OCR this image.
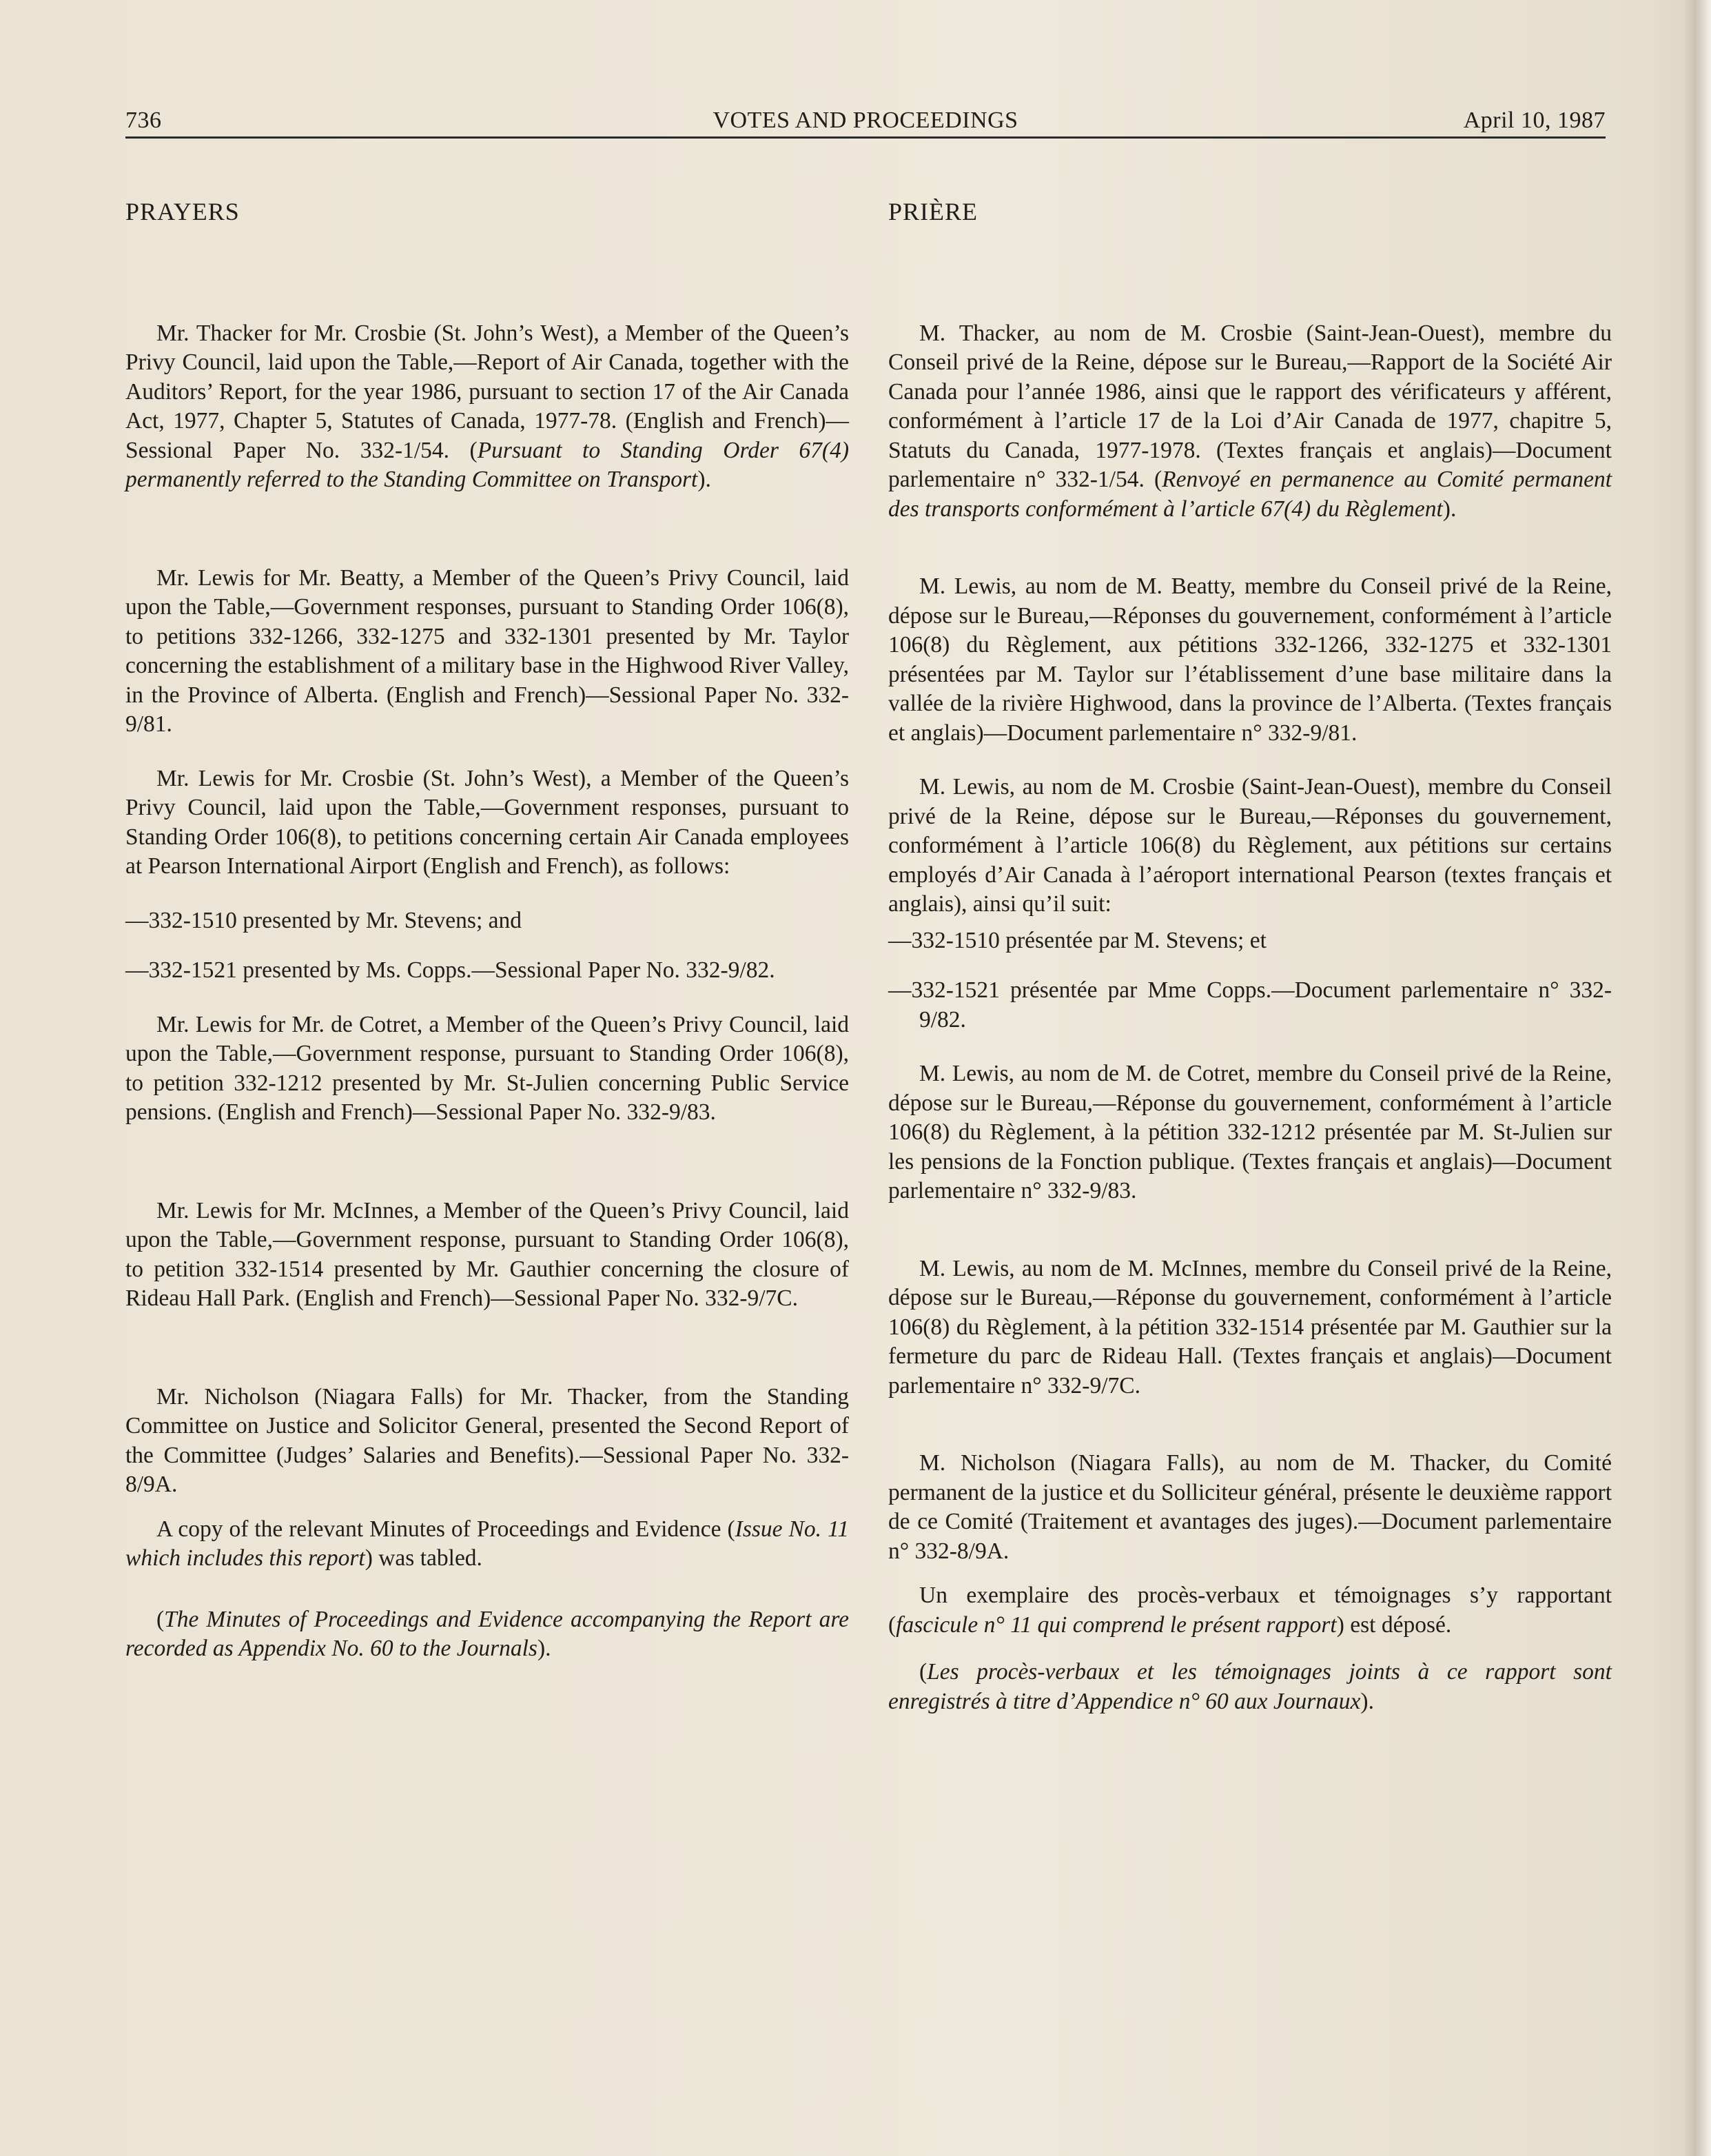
736	VOTES AND PROCEEDINGS	April 10, 1987

PRAYERS

Mr. Thacker for Mr. Crosbie (St. John’s West), a Member of the Queen’s Privy Council, laid upon the Table,—Report of Air Canada, together with the Auditors’ Report, for the year 1986, pursuant to section 17 of the Air Canada Act, 1977, Chapter 5, Statutes of Canada, 1977-78. (English and French)—Sessional Paper No. 332-1/54. (Pursuant to Standing Order 67(4) permanently referred to the Standing Committee on Transport).

Mr. Lewis for Mr. Beatty, a Member of the Queen’s Privy Council, laid upon the Table,—Government responses, pursuant to Standing Order 106(8), to petitions 332-1266, 332-1275 and 332-1301 presented by Mr. Taylor concerning the establishment of a military base in the Highwood River Valley, in the Province of Alberta. (English and French)—Sessional Paper No. 332-9/81.

Mr. Lewis for Mr. Crosbie (St. John’s West), a Member of the Queen’s Privy Council, laid upon the Table,—Government responses, pursuant to Standing Order 106(8), to petitions concerning certain Air Canada employees at Pearson International Airport (English and French), as follows:

—332-1510 presented by Mr. Stevens; and

—332-1521 presented by Ms. Copps.—Sessional Paper No. 332-9/82.

Mr. Lewis for Mr. de Cotret, a Member of the Queen’s Privy Council, laid upon the Table,—Government response, pursuant to Standing Order 106(8), to petition 332-1212 presented by Mr. St-Julien concerning Public Service pensions. (English and French)—Sessional Paper No. 332-9/83.

Mr. Lewis for Mr. McInnes, a Member of the Queen’s Privy Council, laid upon the Table,—Government response, pursuant to Standing Order 106(8), to petition 332-1514 presented by Mr. Gauthier concerning the closure of Rideau Hall Park. (English and French)—Sessional Paper No. 332-9/7C.

Mr. Nicholson (Niagara Falls) for Mr. Thacker, from the Standing Committee on Justice and Solicitor General, presented the Second Report of the Committee (Judges’ Salaries and Benefits).—Sessional Paper No. 332-8/9A.

A copy of the relevant Minutes of Proceedings and Evidence (Issue No. 11 which includes this report) was tabled.

(The Minutes of Proceedings and Evidence accompanying the Report are recorded as Appendix No. 60 to the Journals).

PRIÈRE

M. Thacker, au nom de M. Crosbie (Saint-Jean-Ouest), membre du Conseil privé de la Reine, dépose sur le Bureau,—Rapport de la Société Air Canada pour l’année 1986, ainsi que le rapport des vérificateurs y afférent, conformément à l’article 17 de la Loi d’Air Canada de 1977, chapitre 5, Statuts du Canada, 1977-1978. (Textes français et anglais)—Document parlementaire n° 332-1/54. (Renvoyé en permanence au Comité permanent des transports conformément à l’article 67(4) du Règlement).

M. Lewis, au nom de M. Beatty, membre du Conseil privé de la Reine, dépose sur le Bureau,—Réponses du gouvernement, conformément à l’article 106(8) du Règlement, aux pétitions 332-1266, 332-1275 et 332-1301 présentées par M. Taylor sur l’établissement d’une base militaire dans la vallée de la rivière Highwood, dans la province de l’Alberta. (Textes français et anglais)—Document parlementaire n° 332-9/81.

M. Lewis, au nom de M. Crosbie (Saint-Jean-Ouest), membre du Conseil privé de la Reine, dépose sur le Bureau,—Réponses du gouvernement, conformément à l’article 106(8) du Règlement, aux pétitions sur certains employés d’Air Canada à l’aéroport international Pearson (textes français et anglais), ainsi qu’il suit:

—332-1510 présentée par M. Stevens; et

—332-1521 présentée par Mme Copps.—Document parlementaire n° 332-9/82.

M. Lewis, au nom de M. de Cotret, membre du Conseil privé de la Reine, dépose sur le Bureau,—Réponse du gouvernement, conformément à l’article 106(8) du Règlement, à la pétition 332-1212 présentée par M. St-Julien sur les pensions de la Fonction publique. (Textes français et anglais)—Document parlementaire n° 332-9/83.

M. Lewis, au nom de M. McInnes, membre du Conseil privé de la Reine, dépose sur le Bureau,—Réponse du gouvernement, conformément à l’article 106(8) du Règlement, à la pétition 332-1514 présentée par M. Gauthier sur la fermeture du parc de Rideau Hall. (Textes français et anglais)—Document parlementaire n° 332-9/7C.

M. Nicholson (Niagara Falls), au nom de M. Thacker, du Comité permanent de la justice et du Solliciteur général, présente le deuxième rapport de ce Comité (Traitement et avantages des juges).—Document parlementaire n° 332-8/9A.

Un exemplaire des procès-verbaux et témoignages s’y rapportant (fascicule n° 11 qui comprend le présent rapport) est déposé.

(Les procès-verbaux et les témoignages joints à ce rapport sont enregistrés à titre d’Appendice n° 60 aux Journaux).
